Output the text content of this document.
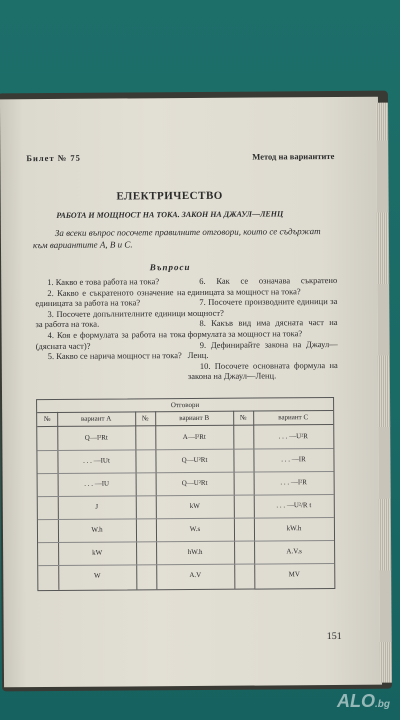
Билет № 75	Метод на вариантите
ЕЛЕКТРИЧЕСТВО
РАБОТА И МОЩНОСТ НА ТОКА. ЗАКОН НА ДЖАУЛ—ЛЕНЦ
За всеки въпрос посочете правилните отговори, които се съдържат към вариантите А, В и С.
Въпроси
1. Какво е това работа на тока?
2. Какво е съкратеното означение на единицата за работа на тока?
3. Посочете допълнителните единици за работа на тока.
4. Коя е формулата за работа на тока (дясната част)?
5. Какво се нарича мощност на тока?
6. Как се означава съкратено единицата за мощност на тока?
7. Посочете производните единици за мощност?
8. Какъв вид има дясната част на формулата за мощност на тока?
9. Дефинирайте закона на Джаул—Ленц.
10. Посочете основната формула на закона на Джаул—Ленц.
Отговори
№	вариант А	№	вариант В	№	вариант С
Q—I²Rt	A—I²Rt	. . . —U²R
. . . —IUt	Q—U²Rt	. . . —IR
. . . —IU	Q—U²Rt	. . . —I²R
J	kW	. . . —U²/R t
W.h	W.s	kW.h
kW	hW.h	A.V.s
W	A.V	MV
151
ALO.bg
